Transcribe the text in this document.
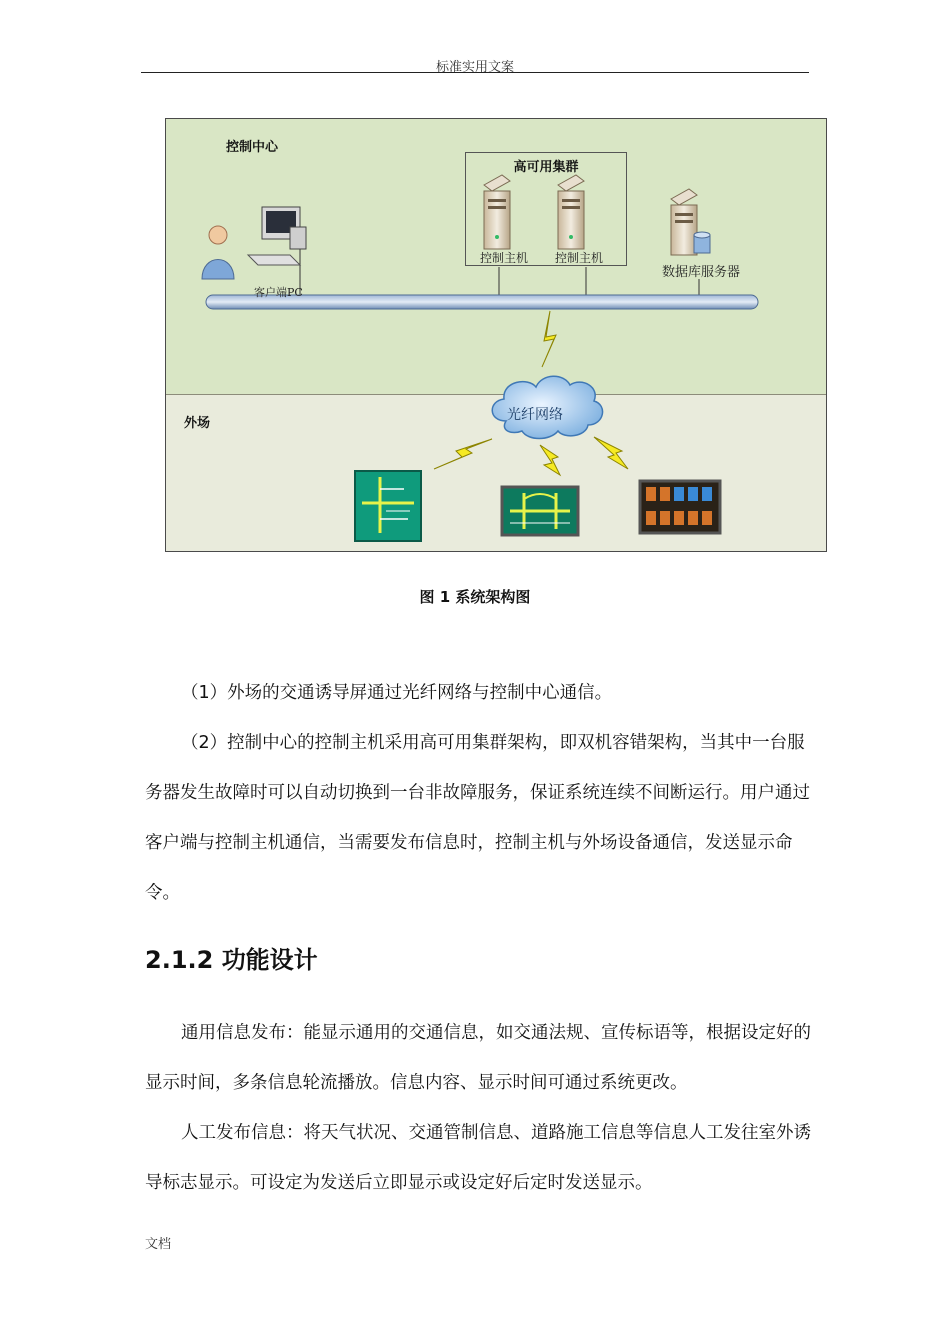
标准实用文案
控制中心
高可用集群
控制主机 控制主机
数据库服务器
客户端PC
外场
光纤网络
图 1 系统架构图

（1）外场的交通诱导屏通过光纤网络与控制中心通信。

（2）控制中心的控制主机采用高可用集群架构，即双机容错架构，当其中一台服务器发生故障时可以自动切换到一台非故障服务，保证系统连续不间断运行。用户通过客户端与控制主机通信，当需要发布信息时，控制主机与外场设备通信，发送显示命令。

2.1.2 功能设计

通用信息发布：能显示通用的交通信息，如交通法规、宣传标语等，根据设定好的显示时间，多条信息轮流播放。信息内容、显示时间可通过系统更改。

人工发布信息：将天气状况、交通管制信息、道路施工信息等信息人工发往室外诱导标志显示。可设定为发送后立即显示或设定好后定时发送显示。

文档
